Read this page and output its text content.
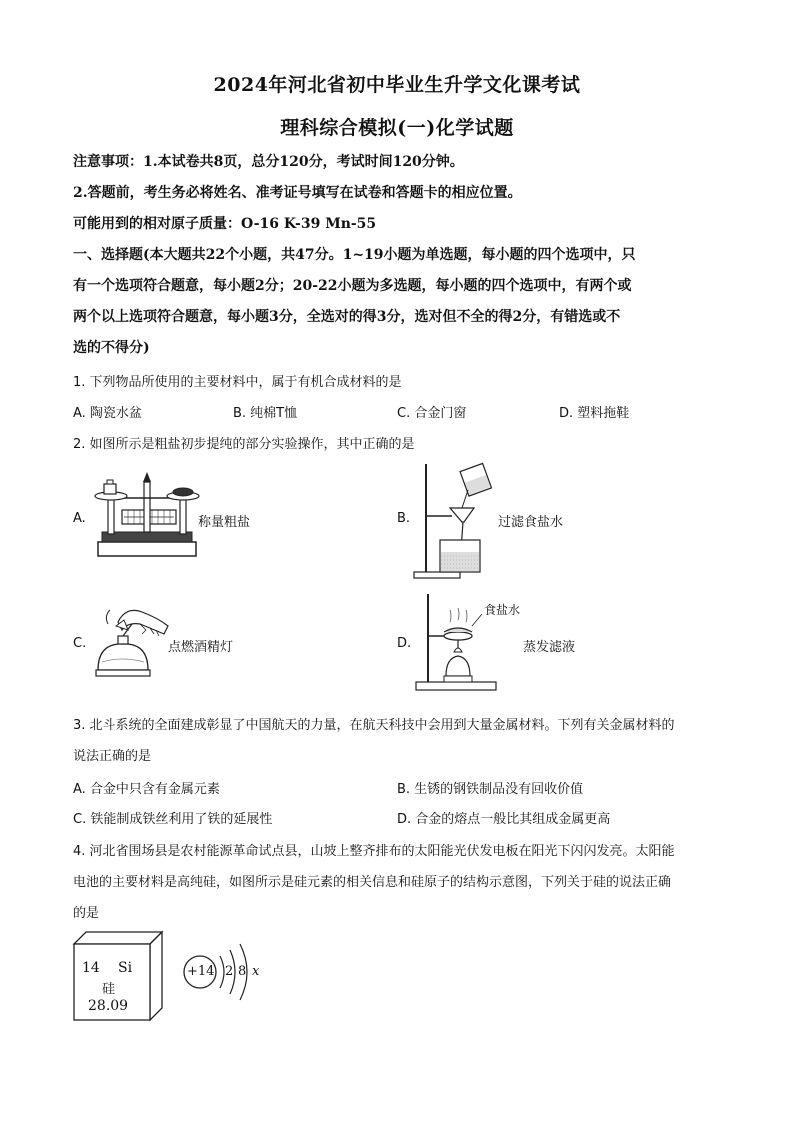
2024年河北省初中毕业生升学文化课考试
理科综合模拟(一)化学试题
注意事项：1.本试卷共8页，总分120分，考试时间120分钟。
2.答题前，考生务必将姓名、准考证号填写在试卷和答题卡的相应位置。
可能用到的相对原子质量：O-16 K-39 Mn-55
一、选择题(本大题共22个小题，共47分。1~19小题为单选题，每小题的四个选项中，只
有一个选项符合题意，每小题2分；20-22小题为多选题，每小题的四个选项中，有两个或
两个以上选项符合题意，每小题3分，全选对的得3分，选对但不全的得2分，有错选或不
选的不得分)
1. 下列物品所使用的主要材料中，属于有机合成材料的是
A. 陶瓷水盆	B. 纯棉T恤	C. 合金门窗	D. 塑料拖鞋
2. 如图所示是粗盐初步提纯的部分实验操作，其中正确的是
A.	称量粗盐	B.	过滤食盐水
C.	点燃酒精灯	D.
食盐水
蒸发滤液
3. 北斗系统的全面建成彰显了中国航天的力量，在航天科技中会用到大量金属材料。下列有关金属材料的
说法正确的是
A. 合金中只含有金属元素	B. 生锈的钢铁制品没有回收价值
C. 铁能制成铁丝利用了铁的延展性	D. 合金的熔点一般比其组成金属更高
4. 河北省围场县是农村能源革命试点县，山坡上整齐排布的太阳能光伏发电板在阳光下闪闪发亮。太阳能
电池的主要材料是高纯硅，如图所示是硅元素的相关信息和硅原子的结构示意图，下列关于硅的说法正确
的是
14 Si
硅
28.09
+14 2 8 x
